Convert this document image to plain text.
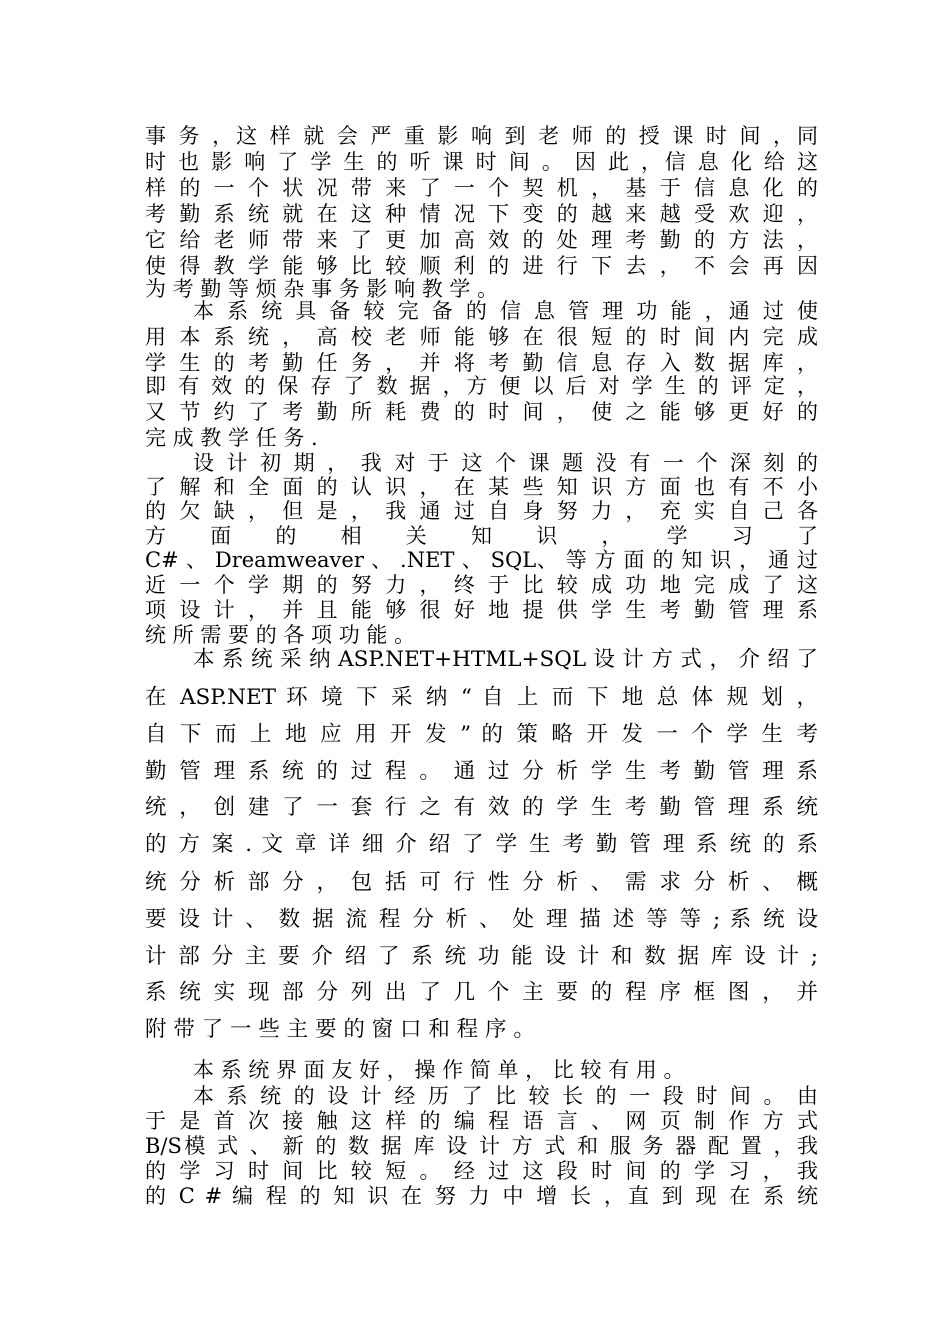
事 务 ，这 样 就 会 严 重 影 响 到 老 师 的 授 课 时 间 ，同
时 也 影 响 了 学 生 的 听 课 时 间 。 因 此 ，信 息 化 给 这
样 的 一 个 状 况 带 来 了 一 个 契 机 ， 基 于 信 息 化 的
考 勤 系 统 就 在 这 种 情 况 下 变 的 越 来 越 受 欢 迎 ，
它 给 老 师 带 来 了 更 加 高 效 的 处 理 考 勤 的 方 法 ，
使 得 教 学 能 够 比 较 顺 利 的 进 行 下 去 ， 不 会 再 因
为 考 勤 等 烦 杂 事 务 影 响 教 学 。
本 系 统 具 备 较 完 备 的 信 息 管 理 功 能 ，通 过 使
用 本 系 统 ， 高 校 老 师 能 够 在 很 短 的 时 间 内 完 成
学 生 的 考 勤 任 务 ， 并 将 考 勤 信 息 存 入 数 据 库 ，
即 有 效 的 保 存 了 数 据 ，方 便 以 后 对 学 生 的 评 定 ，
又 节 约 了 考 勤 所 耗 费 的 时 间 ， 使 之 能 够 更 好 的
完 成 教 学 任 务 .
设 计 初 期 ， 我 对 于 这 个 课 题 没 有 一 个 深 刻 的
了 解 和 全 面 的 认 识 ， 在 某 些 知 识 方 面 也 有 不 小
的 欠 缺 ， 但 是 ， 我 通 过 自 身 努 力 ， 充 实 自 己 各
方 面 的 相 关 知 识 ， 学 习 了
C# 、 Dreamweaver 、 .NET 、 SQL、 等 方 面 的 知 识 ， 通 过
近 一 个 学 期 的 努 力 ， 终 于 比 较 成 功 地 完 成 了 这
项 设 计 ， 并 且 能 够 很 好 地 提 供 学 生 考 勤 管 理 系
统 所 需 要 的 各 项 功 能 。
本 系 统 采 纳 ASP.NET+HTML+SQL 设 计 方 式 ， 介 绍 了
在 ASP.NET 环 境 下 采 纳 “ 自 上 而 下 地 总 体 规 划 ，
自 下 而 上 地 应 用 开 发 ” 的 策 略 开 发 一 个 学 生 考
勤 管 理 系 统 的 过 程 。 通 过 分 析 学 生 考 勤 管 理 系
统 ， 创 建 了 一 套 行 之 有 效 的 学 生 考 勤 管 理 系 统
的 方 案 . 文 章 详 细 介 绍 了 学 生 考 勤 管 理 系 统 的 系
统 分 析 部 分 ， 包 括 可 行 性 分 析 、 需 求 分 析 、 概
要 设 计 、 数 据 流 程 分 析 、 处 理 描 述 等 等 ; 系 统 设
计 部 分 主 要 介 绍 了 系 统 功 能 设 计 和 数 据 库 设 计 ;
系 统 实 现 部 分 列 出 了 几 个 主 要 的 程 序 框 图 ， 并
附 带 了 一 些 主 要 的 窗 口 和 程 序 。
本 系 统 界 面 友 好 ， 操 作 简 单 ， 比 较 有 用 。
本 系 统 的 设 计 经 历 了 比 较 长 的 一 段 时 间 。 由
于 是 首 次 接 触 这 样 的 编 程 语 言 、 网 页 制 作 方 式
B/S模 式 、 新 的 数 据 库 设 计 方 式 和 服 务 器 配 置 ，我
的 学 习 时 间 比 较 短 。 经 过 这 段 时 间 的 学 习 ， 我
的 C # 编 程 的 知 识 在 努 力 中 增 长 ，直 到 现 在 系 统
